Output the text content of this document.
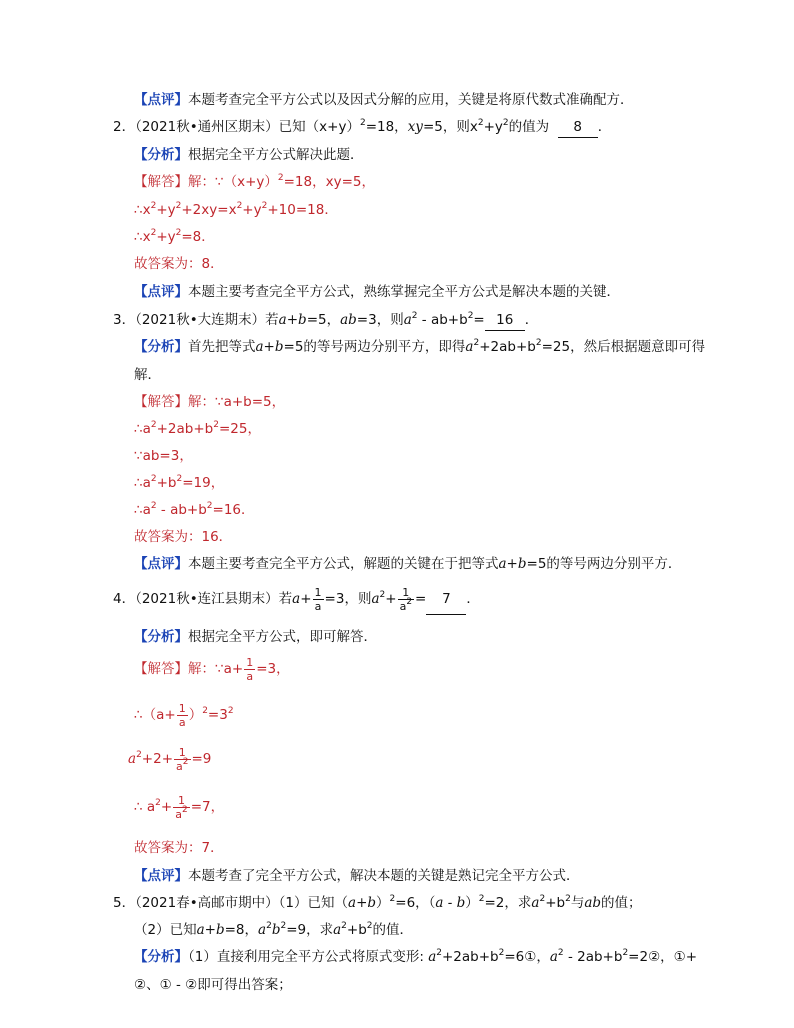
【点评】本题考查完全平方公式以及因式分解的应用，关键是将原代数式准确配方．
2．（2021秋•通州区期末）已知$(x+y)^2=18$，xy=5，则$x^2+y^2$的值为 8 ．
【分析】根据完全平方公式解决此题．
【解答】解：$\because(x+y)^2=18$，xy=5，
$\therefore x^2+y^2+2xy=x^2+y^2+10=18$．
$\therefore x^2+y^2=8$．
故答案为：8．
【点评】本题主要考查完全平方公式，熟练掌握完全平方公式是解决本题的关键．
3．（2021秋•大连期末）若a+b=5，ab=3，则$a^2 - ab+b^2= 16$ ．
【分析】首先把等式a+b=5的等号两边分别平方，即得$a^2+2ab+b^2=25$，然后根据题意即可得
解．
【解答】解：∵a+b=5，
$\therefore a^2+2ab+b^2=25$，
∵ab=3，
$\therefore a^2+b^2=19$，
$\therefore a^2 - ab+b^2=16$．
故答案为：16．
【点评】本题主要考查完全平方公式，解题的关键在于把等式a+b=5的等号两边分别平方．
4．（2021秋•连江县期末）若$a+ \frac{1}{a} =3$，则$a^2+ \frac{1}{a^2} = 7$ ．
【分析】根据完全平方公式，即可解答．
【解答】解：∵a+ $\frac{1}{a} =3$，
∴（a+ $\frac{1}{a} )^2=3^2$
$a^2+2+ \frac{1}{a^2} =9$
∴ $a^2+ \frac{1}{a^2} =7$，
故答案为：7．
【点评】本题考查了完全平方公式，解决本题的关键是熟记完全平方公式．
5．（2021春•高邮市期中）（1）已知$(a+b)^2=6$，（a - b）$^2$=2，求$a^2+b^2$与ab的值；
（2）已知a+b=8，$a^2b^2=9$，求$a^2+b^2$的值．
【分析】（1）直接利用完全平方公式将原式变形: $a^2+2ab+b^2=6①$，$a^2$ - $2ab+b^2=2②$，①+
②、① - ②即可得出答案；
